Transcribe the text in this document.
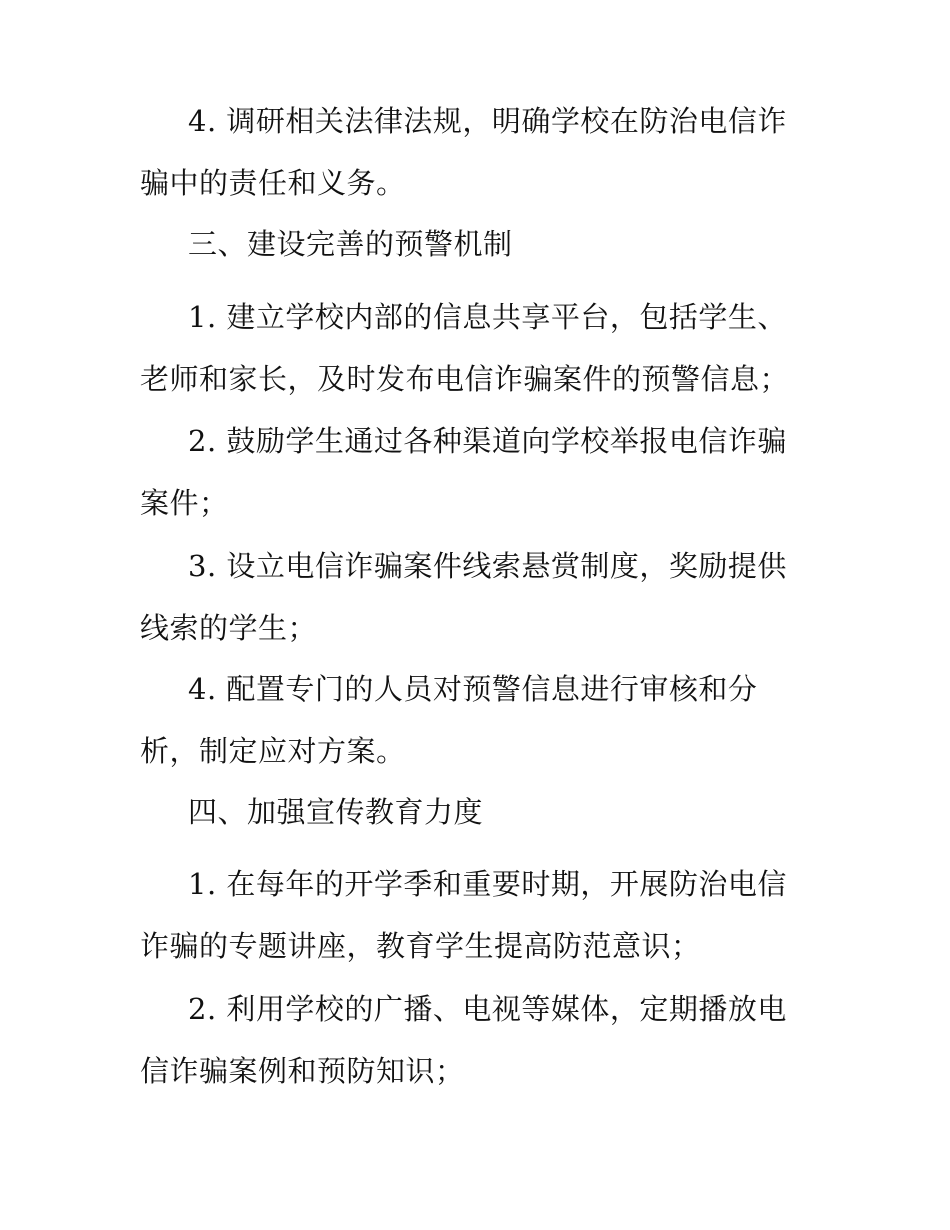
4. 调研相关法律法规，明确学校在防治电信诈骗中的责任和义务。

三、建设完善的预警机制

1. 建立学校内部的信息共享平台，包括学生、老师和家长，及时发布电信诈骗案件的预警信息；

2. 鼓励学生通过各种渠道向学校举报电信诈骗案件；

3. 设立电信诈骗案件线索悬赏制度，奖励提供线索的学生；

4. 配置专门的人员对预警信息进行审核和分析，制定应对方案。

四、加强宣传教育力度

1. 在每年的开学季和重要时期，开展防治电信诈骗的专题讲座，教育学生提高防范意识；

2. 利用学校的广播、电视等媒体，定期播放电信诈骗案例和预防知识；
